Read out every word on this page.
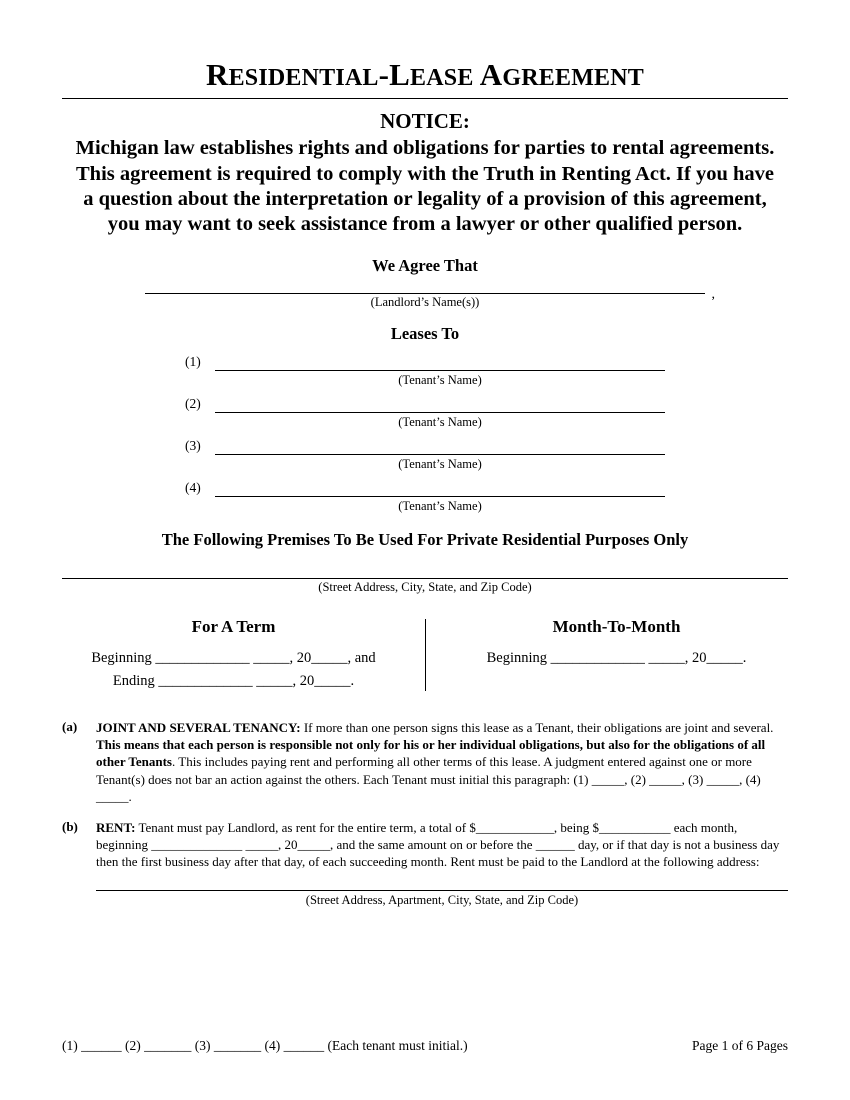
RESIDENTIAL-LEASE AGREEMENT
NOTICE:
Michigan law establishes rights and obligations for parties to rental agreements. This agreement is required to comply with the Truth in Renting Act. If you have a question about the interpretation or legality of a provision of this agreement, you may want to seek assistance from a lawyer or other qualified person.
We Agree That
,
(Landlord’s Name(s))
Leases To
(1)
(Tenant’s Name)
(2)
(Tenant’s Name)
(3)
(Tenant’s Name)
(4)
(Tenant’s Name)
The Following Premises To Be Used For Private Residential Purposes Only
(Street Address, City, State, and Zip Code)
For A Term
Beginning _____________ _____, 20_____, and
Ending _____________ _____, 20_____.
Month-To-Month
Beginning _____________ _____, 20_____.
(a)	JOINT AND SEVERAL TENANCY: If more than one person signs this lease as a Tenant, their obligations are joint and several. This means that each person is responsible not only for his or her individual obligations, but also for the obligations of all other Tenants. This includes paying rent and performing all other terms of this lease. A judgment entered against one or more Tenant(s) does not bar an action against the others. Each Tenant must initial this paragraph: (1) _____, (2) _____, (3) _____, (4) _____.
(b)	RENT: Tenant must pay Landlord, as rent for the entire term, a total of $____________, being $___________ each month, beginning ______________ _____, 20_____, and the same amount on or before the ______ day, or if that day is not a business day then the first business day after that day, of each succeeding month. Rent must be paid to the Landlord at the following address:
(Street Address, Apartment, City, State, and Zip Code)
(1) ______ (2) _______ (3) _______ (4) ______ (Each tenant must initial.)	Page 1 of 6 Pages
